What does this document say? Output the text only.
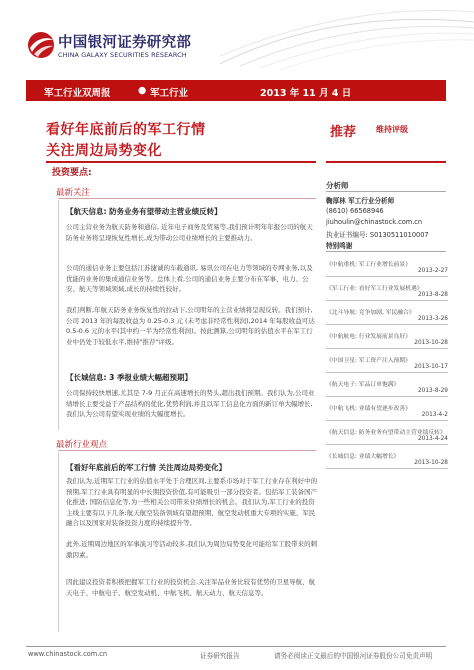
中国银河证券研究部
CHINA GALAXY SECURITIES RESEARCH
军工行业双周报	● 军工行业	2013 年 11 月 4 日
看好年底前后的军工行情
关注周边局势变化
推荐 维持评级
投资要点:
最新关注
【航天信息: 防务业务有望带动主营业绩反转】
公司主营业务为航天防务和通信, 近年电子商务及贸易等,我们预计明年年报公司的航天防务业务将呈现恢复性增长,成为带动公司业绩增长的主要推动力。
公司的通信业务主要包括江苏捷诚的车载通讯, 易讯公司在电力等领域的专网业务,以及优能的业务的集成通信业务等。总体上看,公司的通信业务主要分布在军事、电力、公安、航天等领域领域,成长的持续性较好。
我们判断,年航天防务业务恢复性的拉动下,公司明年的主营业绩将呈现反转。我们预计,公司 2013 年的每股收益为 0.25-0.3 元 (未考虑非经常性利润),2014 年每股收益可达 0.5-0.6 元的水平(其中约一半为经常性利润)。按此测算,公司明年的估值水平在军工行业中仍处于较低水平,维持"推荐"评级。
【长城信息: 3 季报业绩大幅超预期】
公司保持较快增速,尤其是 7-9 月正在高速增长的势头,超出我们预期。我们认为,公司业绩增长主要受益于产品结构的优化,优势利润,并且以军工信息化方面的新订单大幅增长,我们认为公司有望实现业绩的大幅度增长。
最新行业观点
【看好年底前后的军工行情 关注周边局势变化】
我们认为,近期军工行业的估值水平处于合理区间,主要系市场对于军工行业存在利好中的预期,军工行业具有明显的中长期投资价值,有可能吸引一部分投资者。包括军工装备国产化推进, 国防信息化等,为一些相关公司带来业绩增长的机会。我们认为,军工行业的投资主线主要有以下几条:航天航空装备领域有望超预期、航空发动机重大专项的实施、军民融合以及国家对装备投资力度的持续提升等。
此外,近期周边地区的军事演习等活动较多,我们认为周边局势变化可能给军工股带来的刺激因素。
因此建议投资者积极把握军工行业的投资机会,关注军品业务比较有优势的卫星导航、航天电子、中航电子、航空发动机、中航飞机、航天动力、航天信息等。
分析师
鞠厚林 军工行业分析师
(8610) 66568946
jiuhoulin@chinastock.com.cn
执业证书编号: S0130511010007
特别鸣谢
《中航重机: 军工行业增长前景》
2013-2-27
《军工行业: 看好军工行业发展机遇》
2013-8-28
《北斗导航: 竞争加剧, 军民融合》
2013-3-26
《中航航电: 行业发展前景良好》
2013-10-28
《中国卫星: 军工资产注入预期》
2013-10-17
《航天电子: 军品订单饱满》
2013-8-29
《中航飞机: 业绩有望逐步改善》
2013-4-2
《航天信息: 防务业务有望带动主营业绩反转》
2013-4-24
《长城信息: 业绩大幅增长》
2013-10-28
www.chinastock.com.cn	证券研究报告	请务必阅读正文最后的中国银河证券股份公司免责声明
